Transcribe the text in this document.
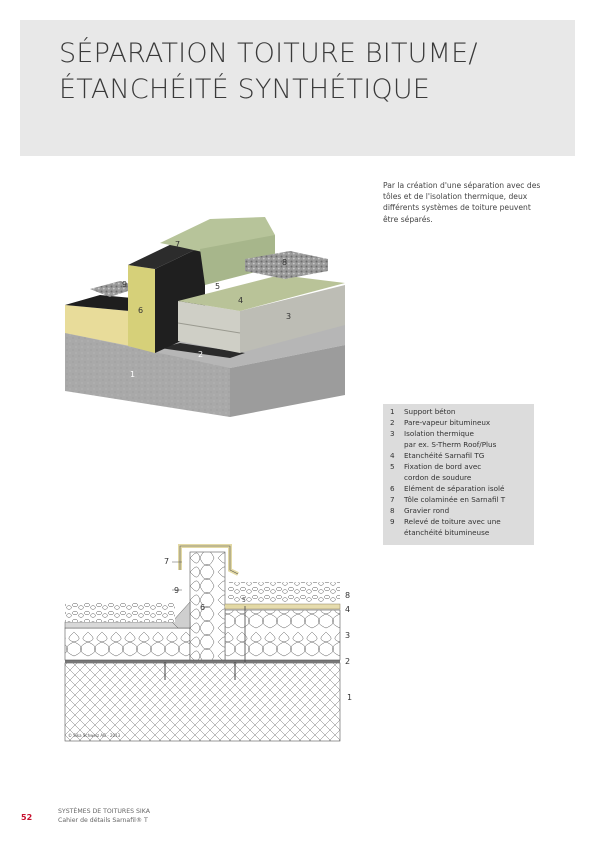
SÉPARATION TOITURE BITUME/
ÉTANCHÉITÉ SYNTHÉTIQUE
Par la création d'une séparation avec des
tôles et de l'isolation thermique, deux
différents systèmes de toiture peuvent
être séparés.
1
2
3
4
5
6
7
8
9
1	Support béton
2	Pare-vapeur bitumineux
3	Isolation thermique
par ex. S-Therm Roof/Plus
4	Etanchéité Sarnafil TG
5	Fixation de bord avec
cordon de soudure
6	Elément de séparation isolé
7	Tôle colaminée en Sarnafil T
8	Gravier rond
9	Relevé de toiture avec une
étanchéité bitumineuse
1
2
3
4
5
6
7
8
9
© Sika Schweiz AG · 2013
52
SYSTÈMES DE TOITURES SIKA
Cahier de détails Sarnafil® T
